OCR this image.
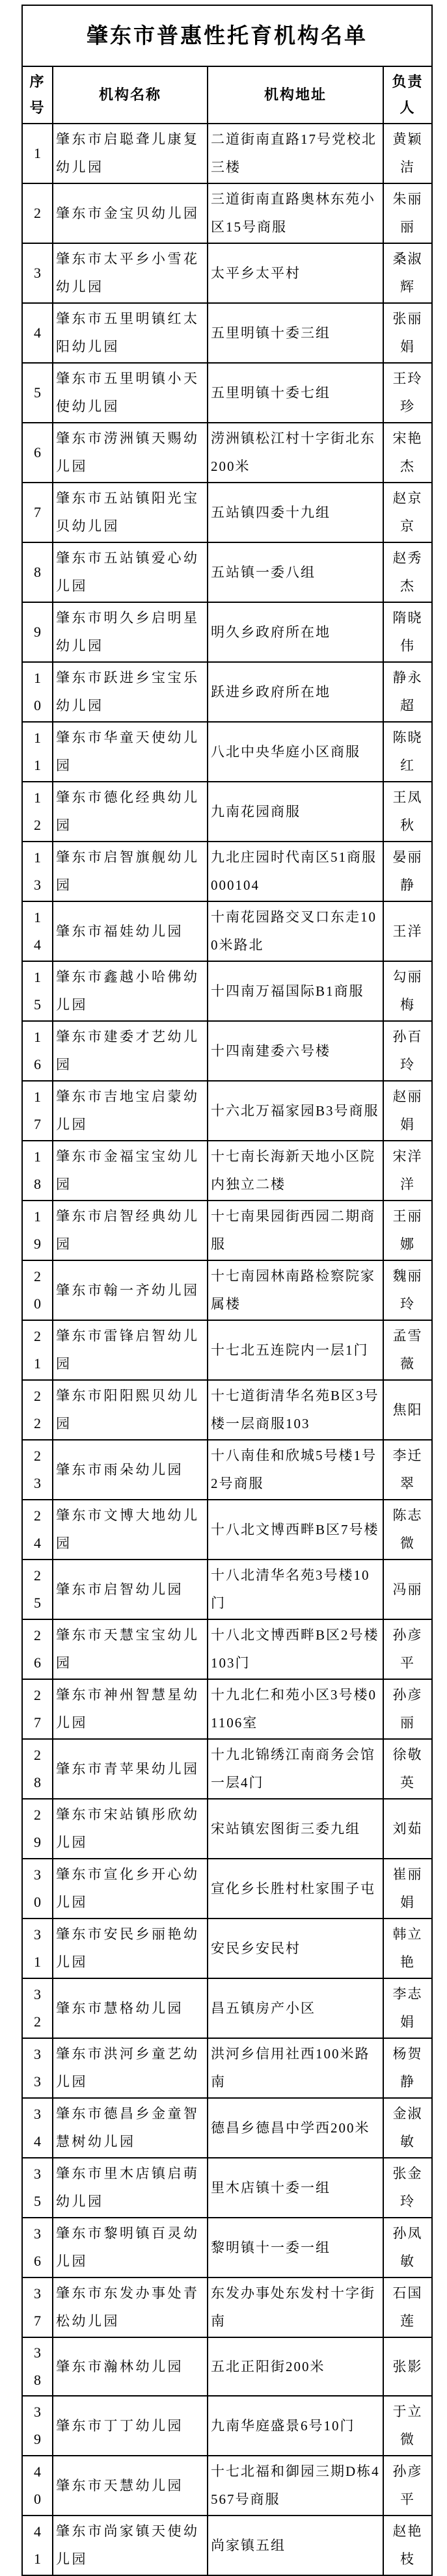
肇东市普惠性托育机构名单			

序号	机构名称	机构地址	负责人

1	肇东市启聪聋儿康复幼儿园	二道街南直路17号党校北三楼	黄颖洁

2	肇东市金宝贝幼儿园	三道街南直路奥林东苑小区15号商服	朱丽丽

3	肇东市太平乡小雪花幼儿园	太平乡太平村	桑淑辉

4	肇东市五里明镇红太阳幼儿园	五里明镇十委三组	张丽娟

5	肇东市五里明镇小天使幼儿园	五里明镇十委七组	王玲珍

6	肇东市涝洲镇天赐幼儿园	涝洲镇松江村十字街北东200米	宋艳杰

7	肇东市五站镇阳光宝贝幼儿园	五站镇四委十九组	赵京京

8	肇东市五站镇爱心幼儿园	五站镇一委八组	赵秀杰

9	肇东市明久乡启明星幼儿园	明久乡政府所在地	隋晓伟

10	肇东市跃进乡宝宝乐幼儿园	跃进乡政府所在地	静永超

11	肇东市华童天使幼儿园	八北中央华庭小区商服	陈晓红

12	肇东市德化经典幼儿园	九南花园商服	王凤秋

13	肇东市启智旗舰幼儿园	九北庄园时代南区51商服000104	晏丽静

14	肇东市福娃幼儿园	十南花园路交叉口东走100米路北	王洋

15	肇东市鑫越小哈佛幼儿园	十四南万福国际B1商服	勾丽梅

16	肇东市建委才艺幼儿园	十四南建委六号楼	孙百玲

17	肇东市吉地宝启蒙幼儿园	十六北万福家园B3号商服	赵丽娟

18	肇东市金福宝宝幼儿园	十七南长海新天地小区院内独立二楼	宋洋洋

19	肇东市启智经典幼儿园	十七南果园街西园二期商服	王丽娜

20	肇东市翰一齐幼儿园	十七南园林南路检察院家属楼	魏丽玲

21	肇东市雷锋启智幼儿园	十七北五连院内一层1门	孟雪薇

22	肇东市阳阳熙贝幼儿园	十七道街清华名苑B区3号楼一层商服103	焦阳

23	肇东市雨朵幼儿园	十八南佳和欣城5号楼1号2号商服	李迁翠

24	肇东市文博大地幼儿园	十八北文博西畔B区7号楼	陈志微

25	肇东市启智幼儿园	十八北清华名苑3号楼10门	冯丽

26	肇东市天慧宝宝幼儿园	十八北文博西畔B区2号楼103门	孙彦平

27	肇东市神州智慧星幼儿园	十九北仁和苑小区3号楼01106室	孙彦丽

28	肇东市青苹果幼儿园	十九北锦绣江南商务会馆一层4门	徐敬英

29	肇东市宋站镇彤欣幼儿园	宋站镇宏图街三委九组	刘茹

30	肇东市宣化乡开心幼儿园	宣化乡长胜村杜家围子屯	崔丽娟

31	肇东市安民乡丽艳幼儿园	安民乡安民村	韩立艳

32	肇东市慧格幼儿园	昌五镇房产小区	李志娟

33	肇东市洪河乡童艺幼儿园	洪河乡信用社西100米路南	杨贺静

34	肇东市德昌乡金童智慧树幼儿园	德昌乡德昌中学西200米	金淑敏

35	肇东市里木店镇启萌幼儿园	里木店镇十委一组	张金玲

36	肇东市黎明镇百灵幼儿园	黎明镇十一委一组	孙凤敏

37	肇东市东发办事处青松幼儿园	东发办事处东发村十字街南	石国莲

38	肇东市瀚林幼儿园	五北正阳街200米	张影

39	肇东市丁丁幼儿园	九南华庭盛景6号10门	于立微

40	肇东市天慧幼儿园	十七北福和御园三期D栋4567号商服	孙彦平

41	肇东市尚家镇天使幼儿园	尚家镇五组	赵艳枝
